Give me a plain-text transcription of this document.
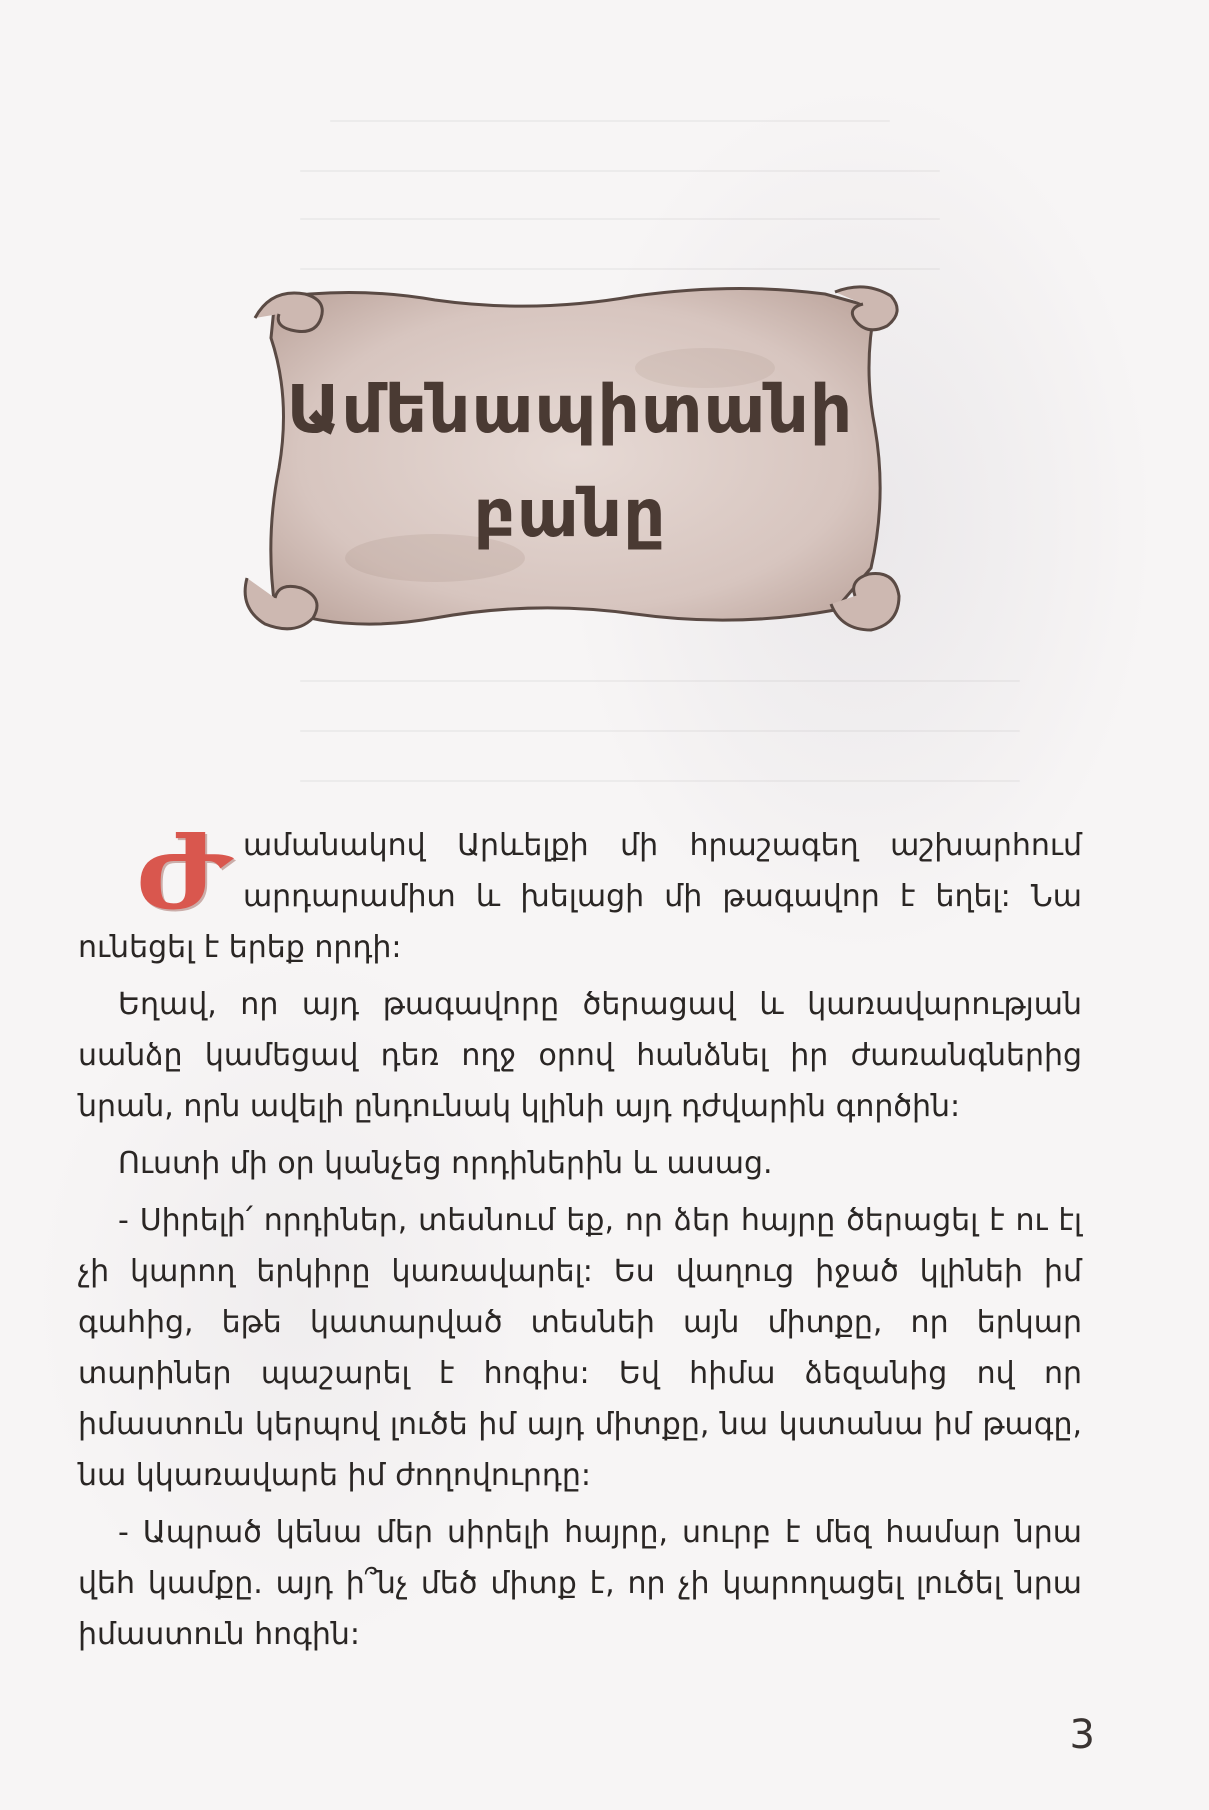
Ամենապիտանի
բանը

Ժամանակով Արևելքի մի հրաշագեղ աշխարհում արդարամիտ և խելացի մի թագավոր է եղել: Նա ունեցել է երեք որդի:

Եղավ, որ այդ թագավորը ծերացավ և կառավարության սանձը կամեցավ դեռ ողջ օրով հանձնել իր ժառանգներից նրան, որն ավելի ընդունակ կլինի այդ դժվարին գործին:

Ուստի մի օր կանչեց որդիներին և ասաց.

- Սիրելի՛ որդիներ, տեսնում եք, որ ձեր հայրը ծերացել է ու էլ չի կարող երկիրը կառավարել: Ես վաղուց իջած կլինեի իմ գահից, եթե կատարված տեսնեի այն միտքը, որ երկար տարիներ պաշարել է հոգիս: Եվ հիմա ձեզանից ով որ իմաստուն կերպով լուծե իմ այդ միտքը, նա կստանա իմ թագը, նա կկառավարե իմ ժողովուրդը:

- Ապրած կենա մեր սիրելի հայրը, սուրբ է մեզ համար նրա վեհ կամքը. այդ ի՞նչ մեծ միտք է, որ չի կարողացել լուծել նրա իմաստուն հոգին:

3
